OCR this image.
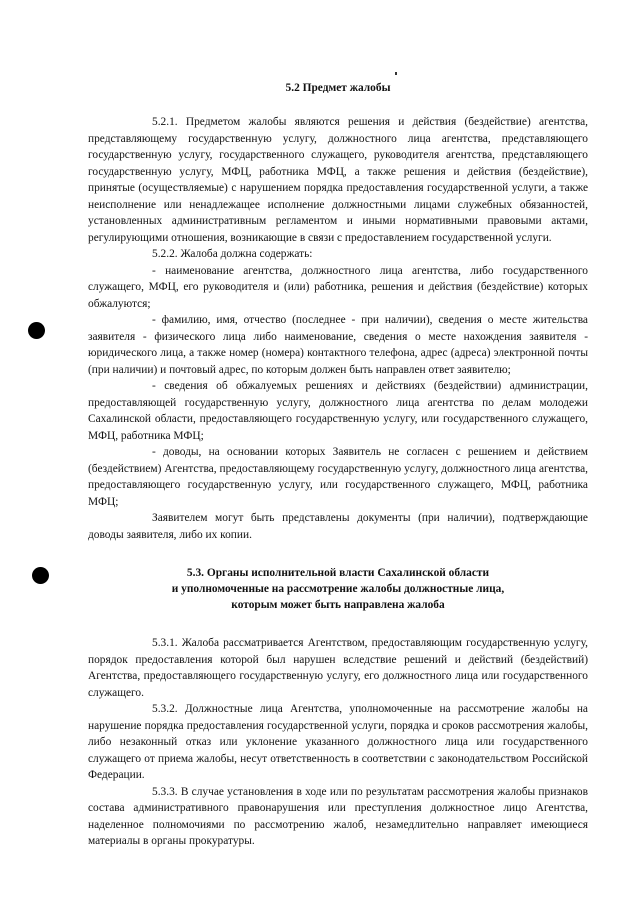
5.2 Предмет жалобы

5.2.1. Предметом жалобы являются решения и действия (бездействие) агентства, представляющему государственную услугу, должностного лица агентства, представляющего государственную услугу, государственного служащего, руководителя агентства, представляющего государственную услугу, МФЦ, работника МФЦ, а также решения и действия (бездействие), принятые (осуществляемые) с нарушением порядка предоставления государственной услуги, а также неисполнение или ненадлежащее исполнение должностными лицами служебных обязанностей, установленных административным регламентом и иными нормативными правовыми актами, регулирующими отношения, возникающие в связи с предоставлением государственной услуги.

5.2.2. Жалоба должна содержать:

- наименование агентства, должностного лица агентства, либо государственного служащего, МФЦ, его руководителя и (или) работника, решения и действия (бездействие) которых обжалуются;

- фамилию, имя, отчество (последнее - при наличии), сведения о месте жительства заявителя - физического лица либо наименование, сведения о месте нахождения заявителя - юридического лица, а также номер (номера) контактного телефона, адрес (адреса) электронной почты (при наличии) и почтовый адрес, по которым должен быть направлен ответ заявителю;

- сведения об обжалуемых решениях и действиях (бездействии) администрации, предоставляющей государственную услугу, должностного лица агентства по делам молодежи Сахалинской области, предоставляющего государственную услугу, или государственного служащего, МФЦ, работника МФЦ;

- доводы, на основании которых Заявитель не согласен с решением и действием (бездействием) Агентства, предоставляющему государственную услугу, должностного лица агентства, предоставляющего государственную услугу, или государственного служащего, МФЦ, работника МФЦ;

Заявителем могут быть представлены документы (при наличии), подтверждающие доводы заявителя, либо их копии.

5.3. Органы исполнительной власти Сахалинской области
и уполномоченные на рассмотрение жалобы должностные лица,
которым может быть направлена жалоба

5.3.1. Жалоба рассматривается Агентством, предоставляющим государственную услугу, порядок предоставления которой был нарушен вследствие решений и действий (бездействий) Агентства, предоставляющего государственную услугу, его должностного лица или государственного служащего.

5.3.2. Должностные лица Агентства, уполномоченные на рассмотрение жалобы на нарушение порядка предоставления государственной услуги, порядка и сроков рассмотрения жалобы, либо незаконный отказ или уклонение указанного должностного лица или государственного служащего от приема жалобы, несут ответственность в соответствии с законодательством Российской Федерации.

5.3.3. В случае установления в ходе или по результатам рассмотрения жалобы признаков состава административного правонарушения или преступления должностное лицо Агентства, наделенное полномочиями по рассмотрению жалоб, незамедлительно направляет имеющиеся материалы в органы прокуратуры.
